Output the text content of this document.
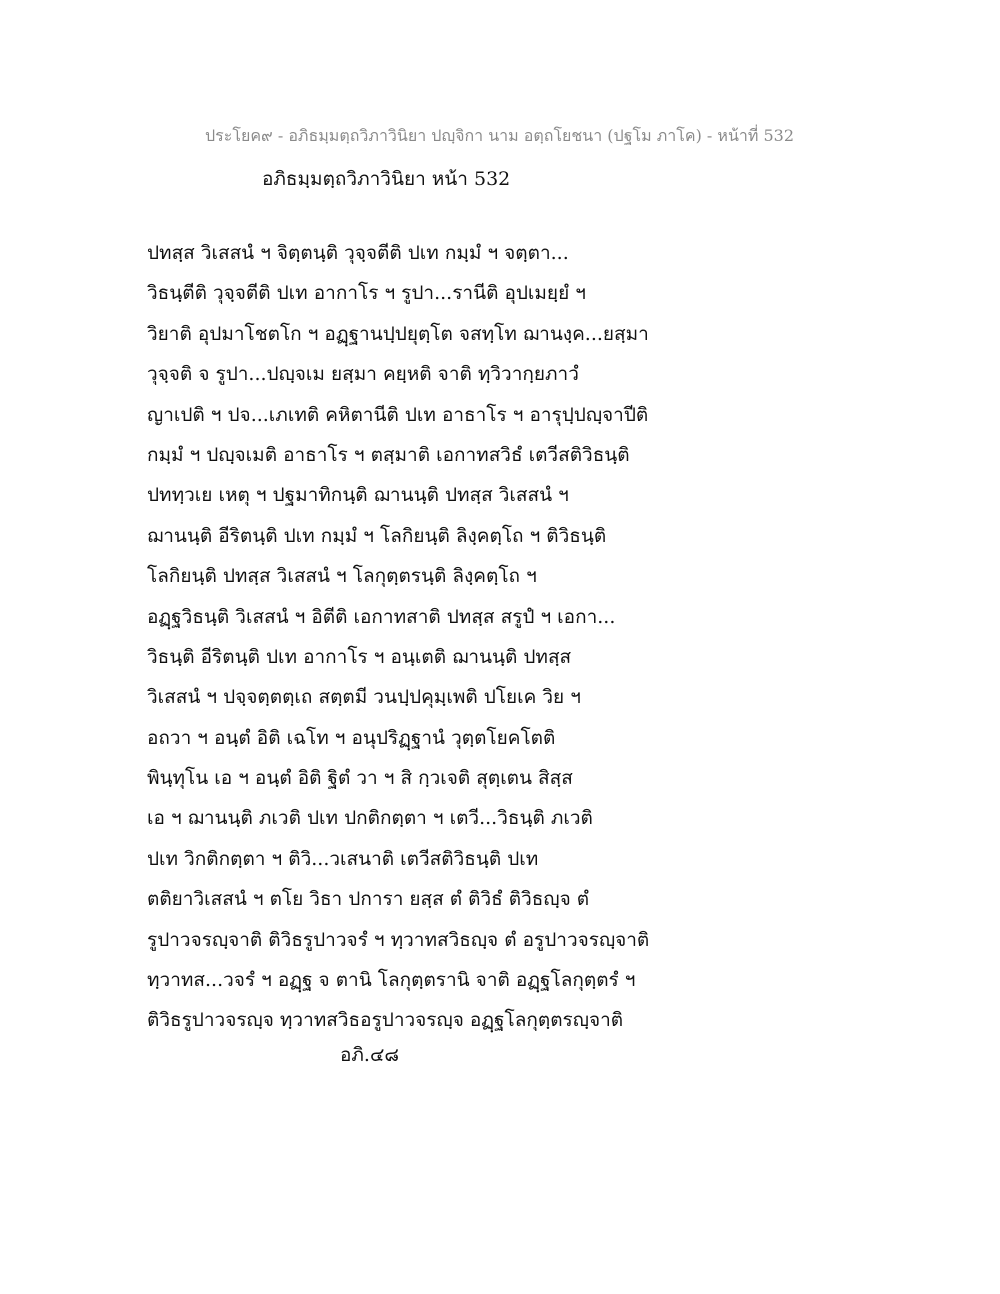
ประโยค๙ - อภิธมฺมตฺถวิภาวินิยา ปญฺจิกา นาม อตฺถโยชนา (ปฐโม ภาโค) - หน้าที่ 532
อภิธมฺมตฺถวิภาวินิยา หน้า 532
ปทสฺส วิเสสนํ ฯ จิตฺตนฺติ วุจฺจตีติ ปเท กมฺมํ ฯ จตฺตา...
วิธนฺตีติ วุจฺจตีติ ปเท อากาโร ฯ รูปา...รานีติ อุปเมยฺยํ ฯ
วิยาติ อุปมาโชตโก ฯ อฏฺฐานปฺปยุตฺโต จสทฺโท ฌานงฺค...ยสฺมา
วุจฺจติ จ รูปา...ปญฺจเม ยสฺมา คยฺหติ จาติ ทฺวิวากฺยภาวํ
ญาเปติ ฯ ปจ...เภเทติ คหิตานีติ ปเท อาธาโร ฯ อารุปฺปญฺจาปีติ
กมฺมํ ฯ ปญฺจเมติ อาธาโร ฯ ตสฺมาติ เอกาทสวิธํ เตวีสติวิธนฺติ
ปททฺวเย เหตุ ฯ ปฐมาทิกนฺติ ฌานนฺติ ปทสฺส วิเสสนํ ฯ
ฌานนฺติ อีริตนฺติ ปเท กมฺมํ ฯ โลกิยนฺติ ลิงฺคตฺโถ ฯ ติวิธนฺติ
โลกิยนฺติ ปทสฺส วิเสสนํ ฯ โลกุตฺตรนฺติ ลิงฺคตฺโถ ฯ
อฏฺฐวิธนฺติ วิเสสนํ ฯ อิตีติ เอกาทสาติ ปทสฺส สรูปํ ฯ เอกา...
วิธนฺติ อีริตนฺติ ปเท อากาโร ฯ อนฺเตติ ฌานนฺติ ปทสฺส
วิเสสนํ ฯ ปจฺจตฺตตฺเถ สตฺตมี วนปฺปคุมฺเพติ ปโยเค วิย ฯ
อถวา ฯ อนฺตํ อิติ เฉโท ฯ อนุปริฏฺฐานํ วุตฺตโยคโตติ
พินฺทุโน เอ ฯ อนฺตํ อิติ ฐิตํ วา ฯ สิ กฺวเจติ สุตฺเตน สิสฺส
เอ ฯ ฌานนฺติ ภเวติ ปเท ปกติกตฺตา ฯ เตวี...วิธนฺติ ภเวติ
ปเท วิกติกตฺตา ฯ ติวิ...วเสนาติ เตวีสติวิธนฺติ ปเท
ตติยาวิเสสนํ ฯ ตโย วิธา ปการา ยสฺส ตํ ติวิธํ ติวิธญฺจ ตํ
รูปาวจรญฺจาติ ติวิธรูปาวจรํ ฯ ทฺวาทสวิธญฺจ ตํ อรูปาวจรญฺจาติ
ทฺวาทส...วจรํ ฯ อฏฺฐ จ ตานิ โลกุตฺตรานิ จาติ อฏฺฐโลกุตฺตรํ ฯ
ติวิธรูปาวจรญฺจ ทฺวาทสวิธอรูปาวจรญฺจ อฏฺฐโลกุตฺตรญฺจาติ
อภิ.๔๘
